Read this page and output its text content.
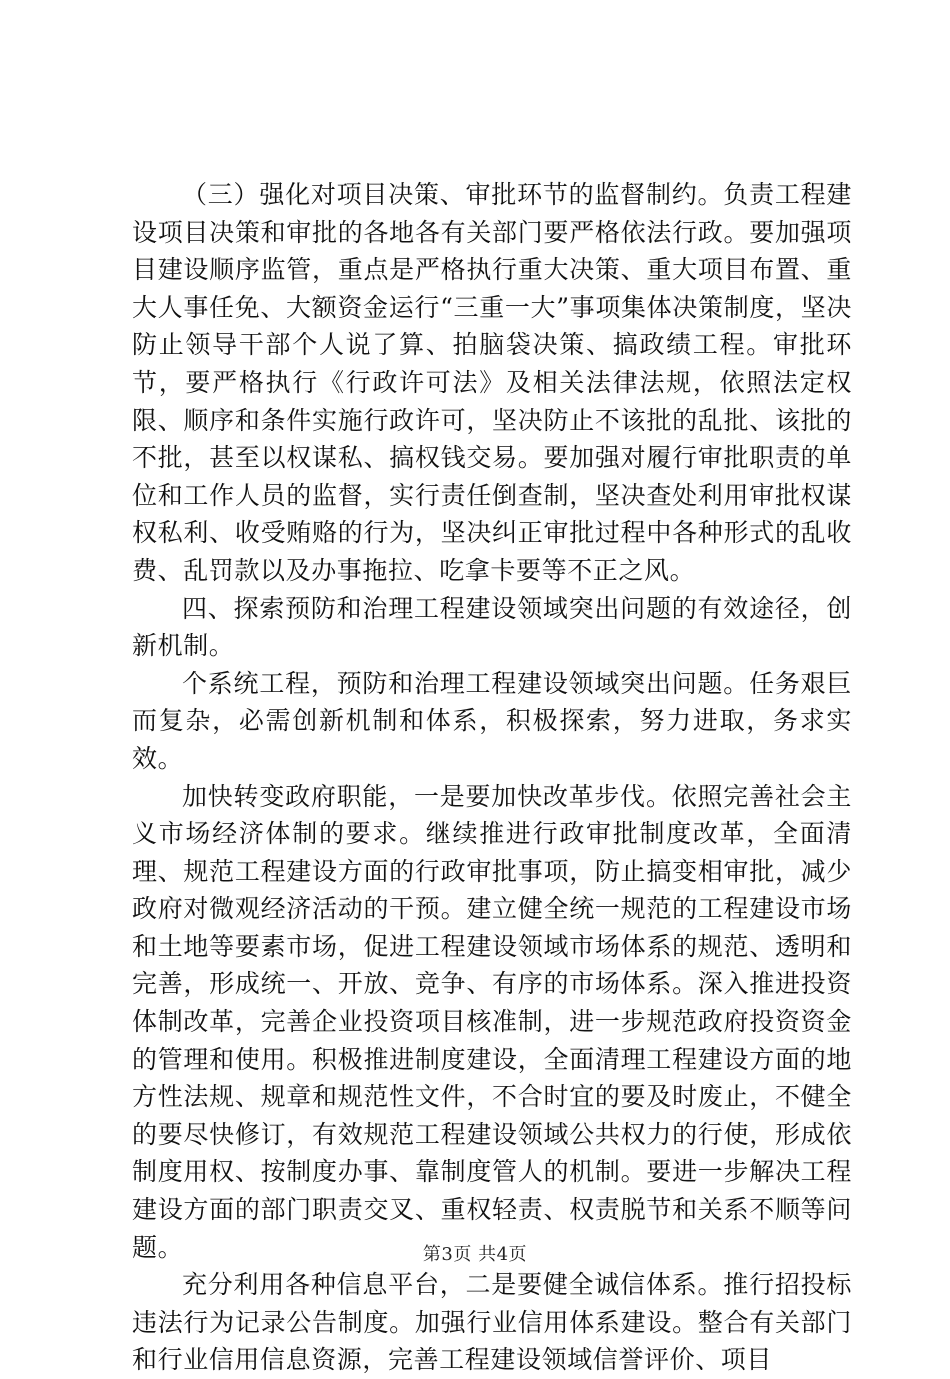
（三）强化对项目决策、审批环节的监督制约。负责工程建设项目决策和审批的各地各有关部门要严格依法行政。要加强项目建设顺序监管，重点是严格执行重大决策、重大项目布置、重大人事任免、大额资金运行“三重一大”事项集体决策制度，坚决防止领导干部个人说了算、拍脑袋决策、搞政绩工程。审批环节，要严格执行《行政许可法》及相关法律法规，依照法定权限、顺序和条件实施行政许可，坚决防止不该批的乱批、该批的不批，甚至以权谋私、搞权钱交易。要加强对履行审批职责的单位和工作人员的监督，实行责任倒查制，坚决查处利用审批权谋权私利、收受贿赂的行为，坚决纠正审批过程中各种形式的乱收费、乱罚款以及办事拖拉、吃拿卡要等不正之风。

四、探索预防和治理工程建设领域突出问题的有效途径，创新机制。

个系统工程，预防和治理工程建设领域突出问题。任务艰巨而复杂，必需创新机制和体系，积极探索，努力进取，务求实效。

加快转变政府职能，一是要加快改革步伐。依照完善社会主义市场经济体制的要求。继续推进行政审批制度改革，全面清理、规范工程建设方面的行政审批事项，防止搞变相审批，减少政府对微观经济活动的干预。建立健全统一规范的工程建设市场和土地等要素市场，促进工程建设领域市场体系的规范、透明和完善，形成统一、开放、竞争、有序的市场体系。深入推进投资体制改革，完善企业投资项目核准制，进一步规范政府投资资金的管理和使用。积极推进制度建设，全面清理工程建设方面的地方性法规、规章和规范性文件，不合时宜的要及时废止，不健全的要尽快修订，有效规范工程建设领域公共权力的行使，形成依制度用权、按制度办事、靠制度管人的机制。要进一步解决工程建设方面的部门职责交叉、重权轻责、权责脱节和关系不顺等问题。

充分利用各种信息平台，二是要健全诚信体系。推行招投标违法行为记录公告制度。加强行业信用体系建设。整合有关部门和行业信用信息资源，完善工程建设领域信誉评价、项目

第3页 共4页
